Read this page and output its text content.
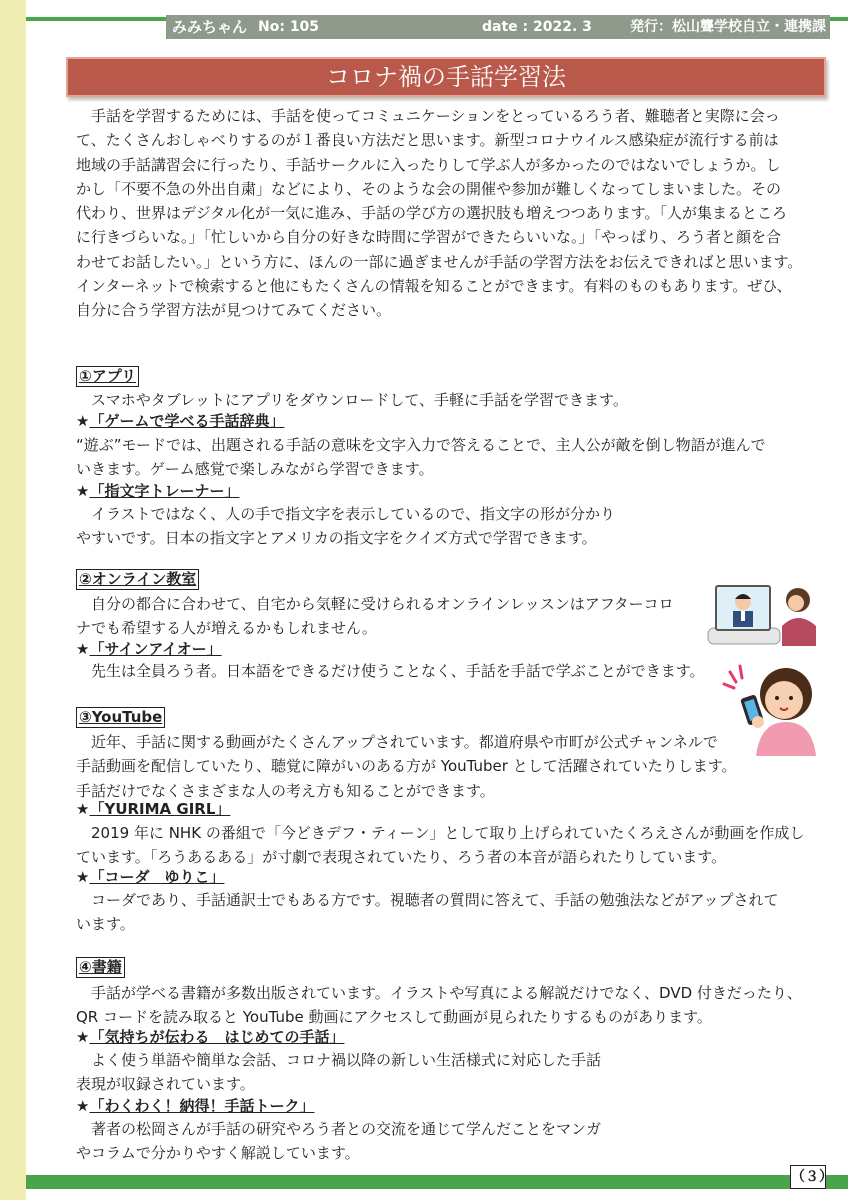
みみちゃん No: 105	date : 2022. 3	発行：松山聾学校自立・連携課
コロナ禍の手話学習法
手話を学習するためには、手話を使ってコミュニケーションをとっているろう者、難聴者と実際に会っ
て、たくさんおしゃべりするのが１番良い方法だと思います。新型コロナウイルス感染症が流行する前は
地域の手話講習会に行ったり、手話サークルに入ったりして学ぶ人が多かったのではないでしょうか。し
かし「不要不急の外出自粛」などにより、そのような会の開催や参加が難しくなってしまいました。その
代わり、世界はデジタル化が一気に進み、手話の学び方の選択肢も増えつつあります。「人が集まるところ
に行きづらいな。」「忙しいから自分の好きな時間に学習ができたらいいな。」「やっぱり、ろう者と顔を合
わせてお話したい。」という方に、ほんの一部に過ぎませんが手話の学習方法をお伝えできればと思います。
インターネットで検索すると他にもたくさんの情報を知ることができます。有料のものもあります。ぜひ、
自分に合う学習方法が見つけてみてください。
①アプリ
スマホやタブレットにアプリをダウンロードして、手軽に手話を学習できます。
★「ゲームで学べる手話辞典」
“遊ぶ”モードでは、出題される手話の意味を文字入力で答えることで、主人公が敵を倒し物語が進んで
いきます。ゲーム感覚で楽しみながら学習できます。
★「指文字トレーナー」
イラストではなく、人の手で指文字を表示しているので、指文字の形が分かり
やすいです。日本の指文字とアメリカの指文字をクイズ方式で学習できます。
②オンライン教室
自分の都合に合わせて、自宅から気軽に受けられるオンラインレッスンはアフターコロ
ナでも希望する人が増えるかもしれません。
★「サインアイオー」
先生は全員ろう者。日本語をできるだけ使うことなく、手話を手話で学ぶことができます。
③YouTube
近年、手話に関する動画がたくさんアップされています。都道府県や市町が公式チャンネルで
手話動画を配信していたり、聴覚に障がいのある方が YouTuber として活躍されていたりします。
手話だけでなくさまざまな人の考え方も知ることができます。
★「YURIMA GIRL」
2019 年に NHK の番組で「今どきデフ・ティーン」として取り上げられていたくろえさんが動画を作成し
ています。「ろうあるある」が寸劇で表現されていたり、ろう者の本音が語られたりしています。
★「コーダ　ゆりこ」
コーダであり、手話通訳士でもある方です。視聴者の質問に答えて、手話の勉強法などがアップされて
います。
④書籍
手話が学べる書籍が多数出版されています。イラストや写真による解説だけでなく、DVD 付きだったり、
QR コードを読み取ると YouTube 動画にアクセスして動画が見られたりするものがあります。
★「気持ちが伝わる　はじめての手話」
よく使う単語や簡単な会話、コロナ禍以降の新しい生活様式に対応した手話
表現が収録されています。
★「わくわく！納得！手話トーク」
著者の松岡さんが手話の研究やろう者との交流を通じて学んだことをマンガ
やコラムで分かりやすく解説しています。
（３）
